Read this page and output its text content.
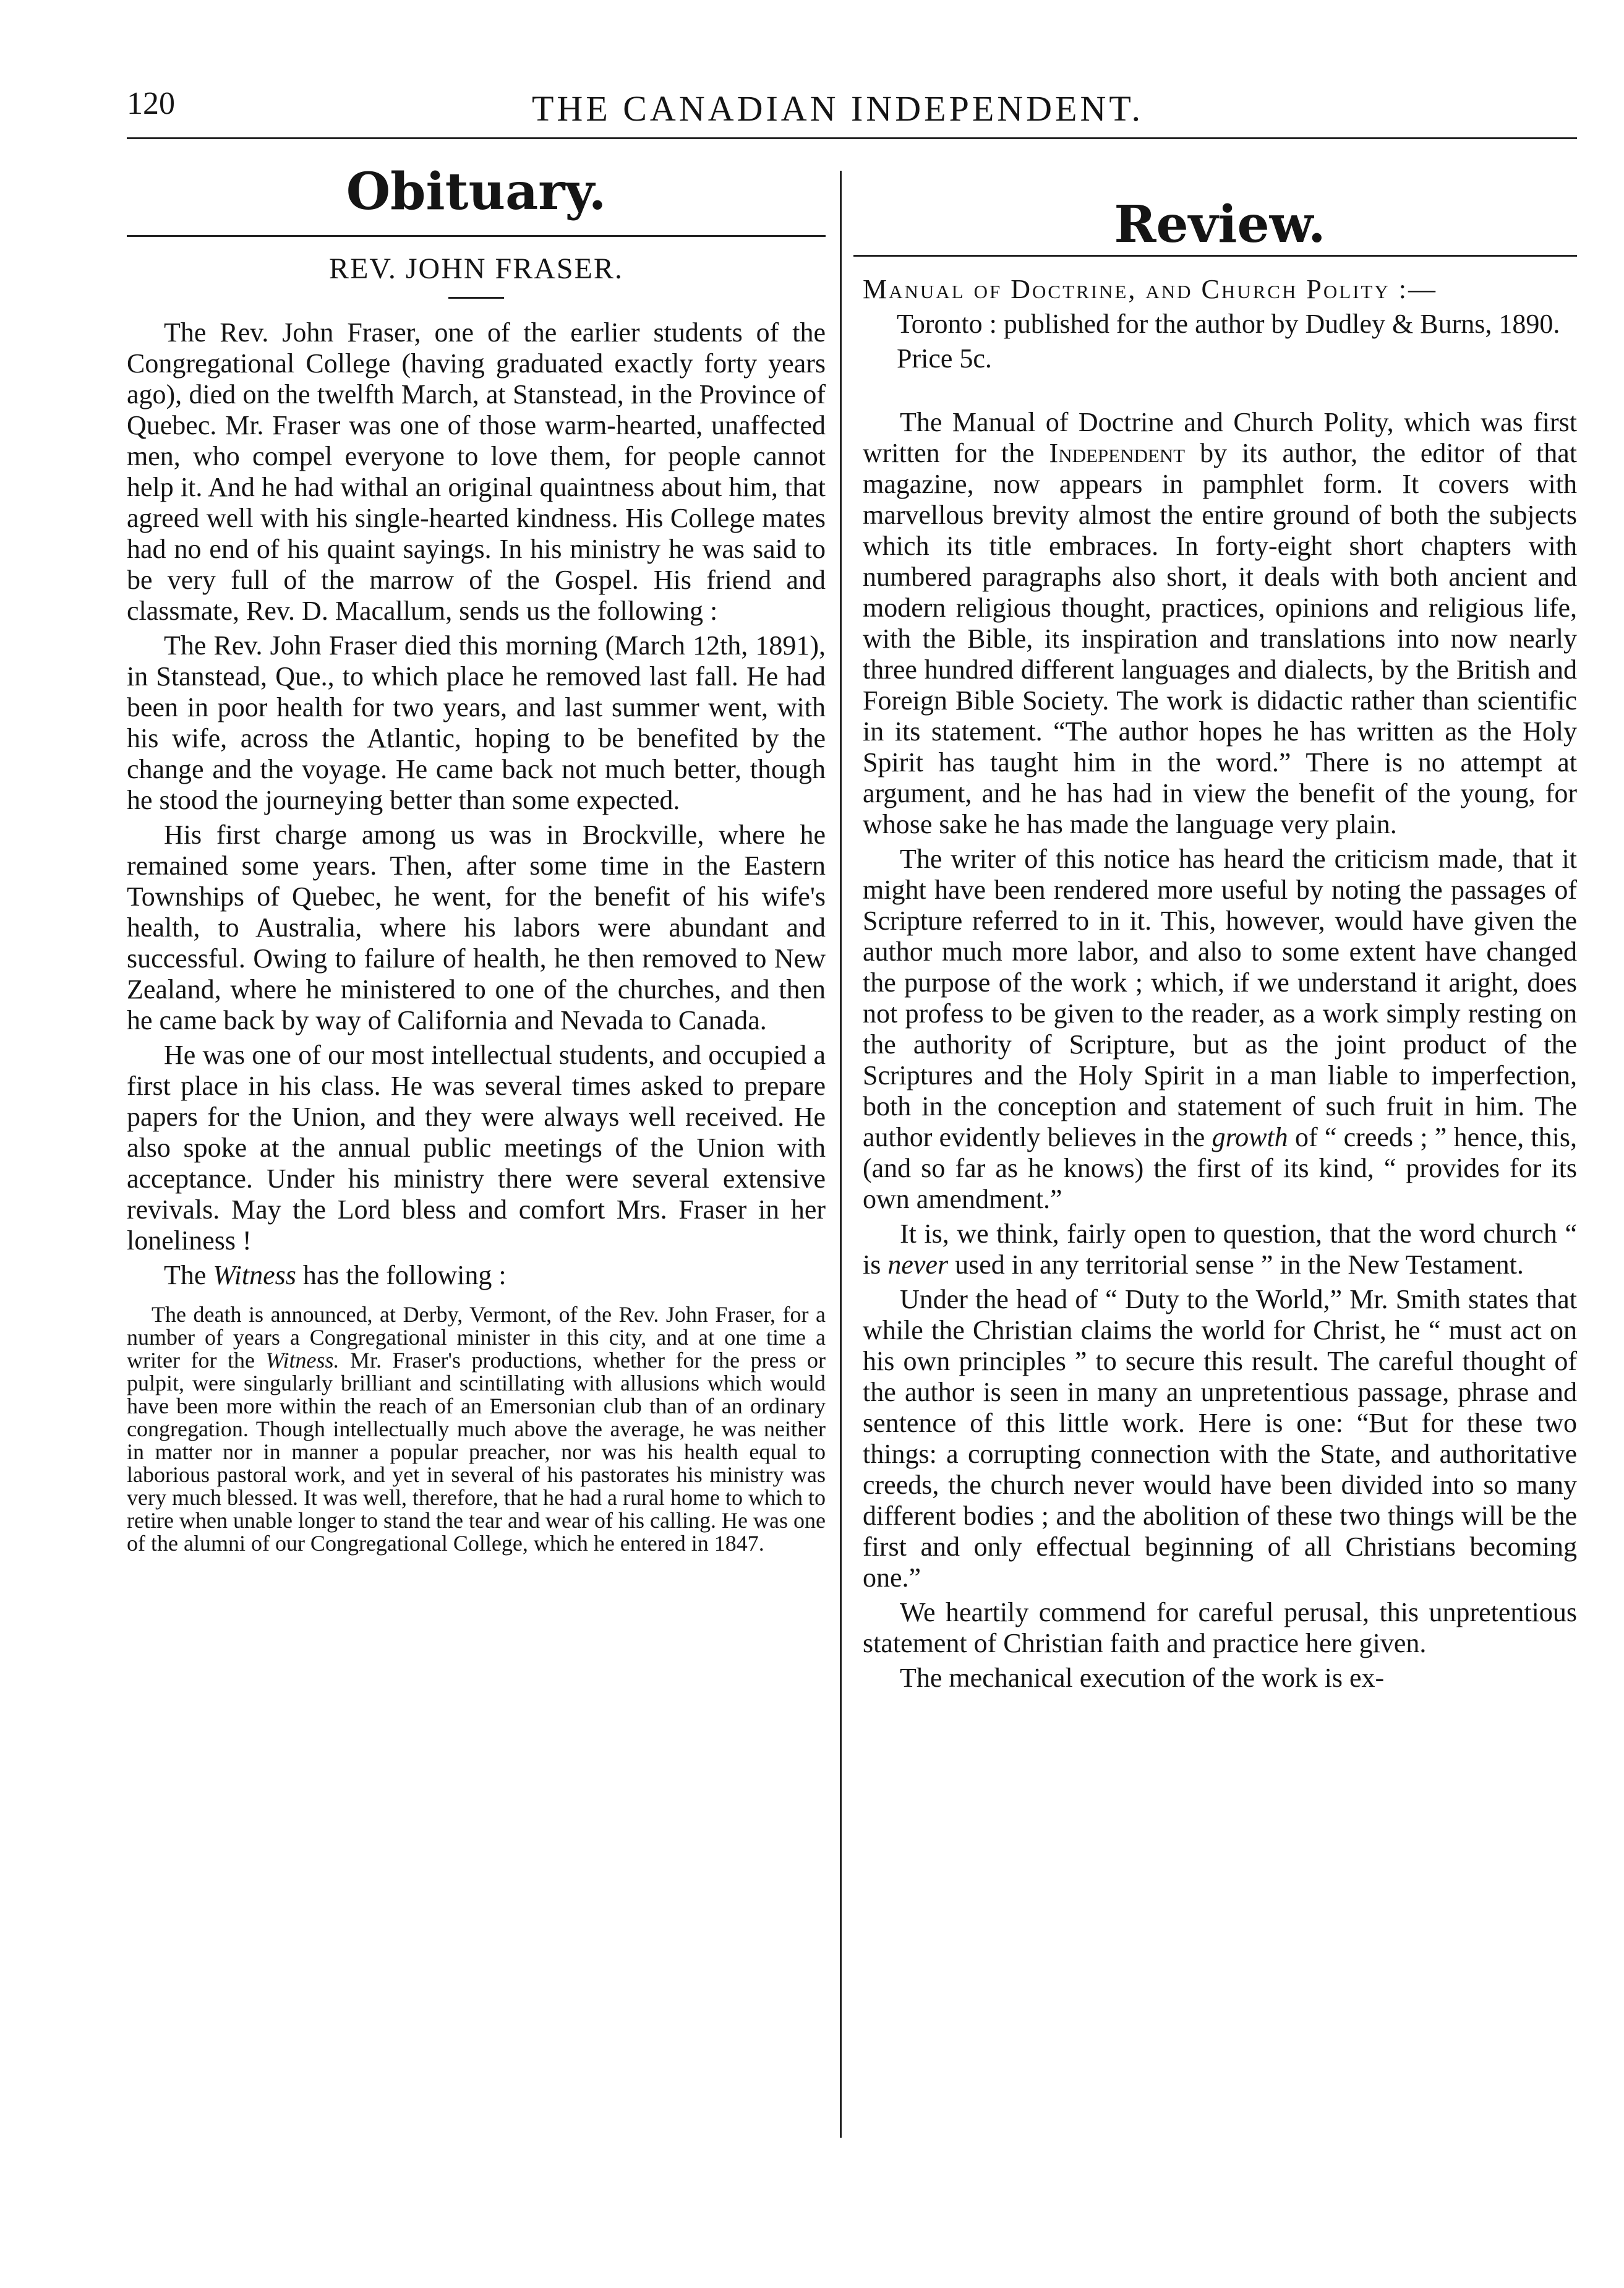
120	THE CANADIAN INDEPENDENT.
Obituary.
Review.
REV. JOHN FRASER.

The Rev. John Fraser, one of the earlier students of the Congregational College (having graduated exactly forty years ago), died on the twelfth March, at Stanstead, in the Province of Quebec. Mr. Fraser was one of those warm-hearted, unaffected men, who compel everyone to love them, for people cannot help it. And he had withal an original quaintness about him, that agreed well with his single-hearted kindness. His College mates had no end of his quaint sayings. In his ministry he was said to be very full of the marrow of the Gospel. His friend and classmate, Rev. D. Macallum, sends us the following :

The Rev. John Fraser died this morning (March 12th, 1891), in Stanstead, Que., to which place he removed last fall. He had been in poor health for two years, and last summer went, with his wife, across the Atlantic, hoping to be benefited by the change and the voyage. He came back not much better, though he stood the journeying better than some expected.

His first charge among us was in Brockville, where he remained some years. Then, after some time in the Eastern Townships of Quebec, he went, for the benefit of his wife's health, to Australia, where his labors were abundant and successful. Owing to failure of health, he then removed to New Zealand, where he ministered to one of the churches, and then he came back by way of California and Nevada to Canada.

He was one of our most intellectual students, and occupied a first place in his class. He was several times asked to prepare papers for the Union, and they were always well received. He also spoke at the annual public meetings of the Union with acceptance. Under his ministry there were several extensive revivals. May the Lord bless and comfort Mrs. Fraser in her loneliness !

The Witness has the following :

The death is announced, at Derby, Vermont, of the Rev. John Fraser, for a number of years a Congregational minister in this city, and at one time a writer for the Witness. Mr. Fraser's productions, whether for the press or pulpit, were singularly brilliant and scintillating with allusions which would have been more within the reach of an Emersonian club than of an ordinary congregation. Though intellectually much above the average, he was neither in matter nor in manner a popular preacher, nor was his health equal to laborious pastoral work, and yet in several of his pastorates his ministry was very much blessed. It was well, therefore, that he had a rural home to which to retire when unable longer to stand the tear and wear of his calling. He was one of the alumni of our Congregational College, which he entered in 1847.

Manual of Doctrine, and Church Polity :—
Toronto : published for the author by Dudley & Burns, 1890. Price 5c.

The Manual of Doctrine and Church Polity, which was first written for the Independent by its author, the editor of that magazine, now appears in pamphlet form. It covers with marvellous brevity almost the entire ground of both the subjects which its title embraces. In forty-eight short chapters with numbered paragraphs also short, it deals with both ancient and modern religious thought, practices, opinions and religious life, with the Bible, its inspiration and translations into now nearly three hundred different languages and dialects, by the British and Foreign Bible Society. The work is didactic rather than scientific in its statement. “The author hopes he has written as the Holy Spirit has taught him in the word.” There is no attempt at argument, and he has had in view the benefit of the young, for whose sake he has made the language very plain.

The writer of this notice has heard the criticism made, that it might have been rendered more useful by noting the passages of Scripture referred to in it. This, however, would have given the author much more labor, and also to some extent have changed the purpose of the work ; which, if we understand it aright, does not profess to be given to the reader, as a work simply resting on the authority of Scripture, but as the joint product of the Scriptures and the Holy Spirit in a man liable to imperfection, both in the conception and statement of such fruit in him. The author evidently believes in the growth of “ creeds ; ” hence, this, (and so far as he knows) the first of its kind, “ provides for its own amendment.”

It is, we think, fairly open to question, that the word church “ is never used in any territorial sense ” in the New Testament.

Under the head of “ Duty to the World,” Mr. Smith states that while the Christian claims the world for Christ, he “ must act on his own principles ” to secure this result. The careful thought of the author is seen in many an unpretentious passage, phrase and sentence of this little work. Here is one: “But for these two things: a corrupting connection with the State, and authoritative creeds, the church never would have been divided into so many different bodies ; and the abolition of these two things will be the first and only effectual beginning of all Christians becoming one.”

We heartily commend for careful perusal, this unpretentious statement of Christian faith and practice here given.

The mechanical execution of the work is ex-
